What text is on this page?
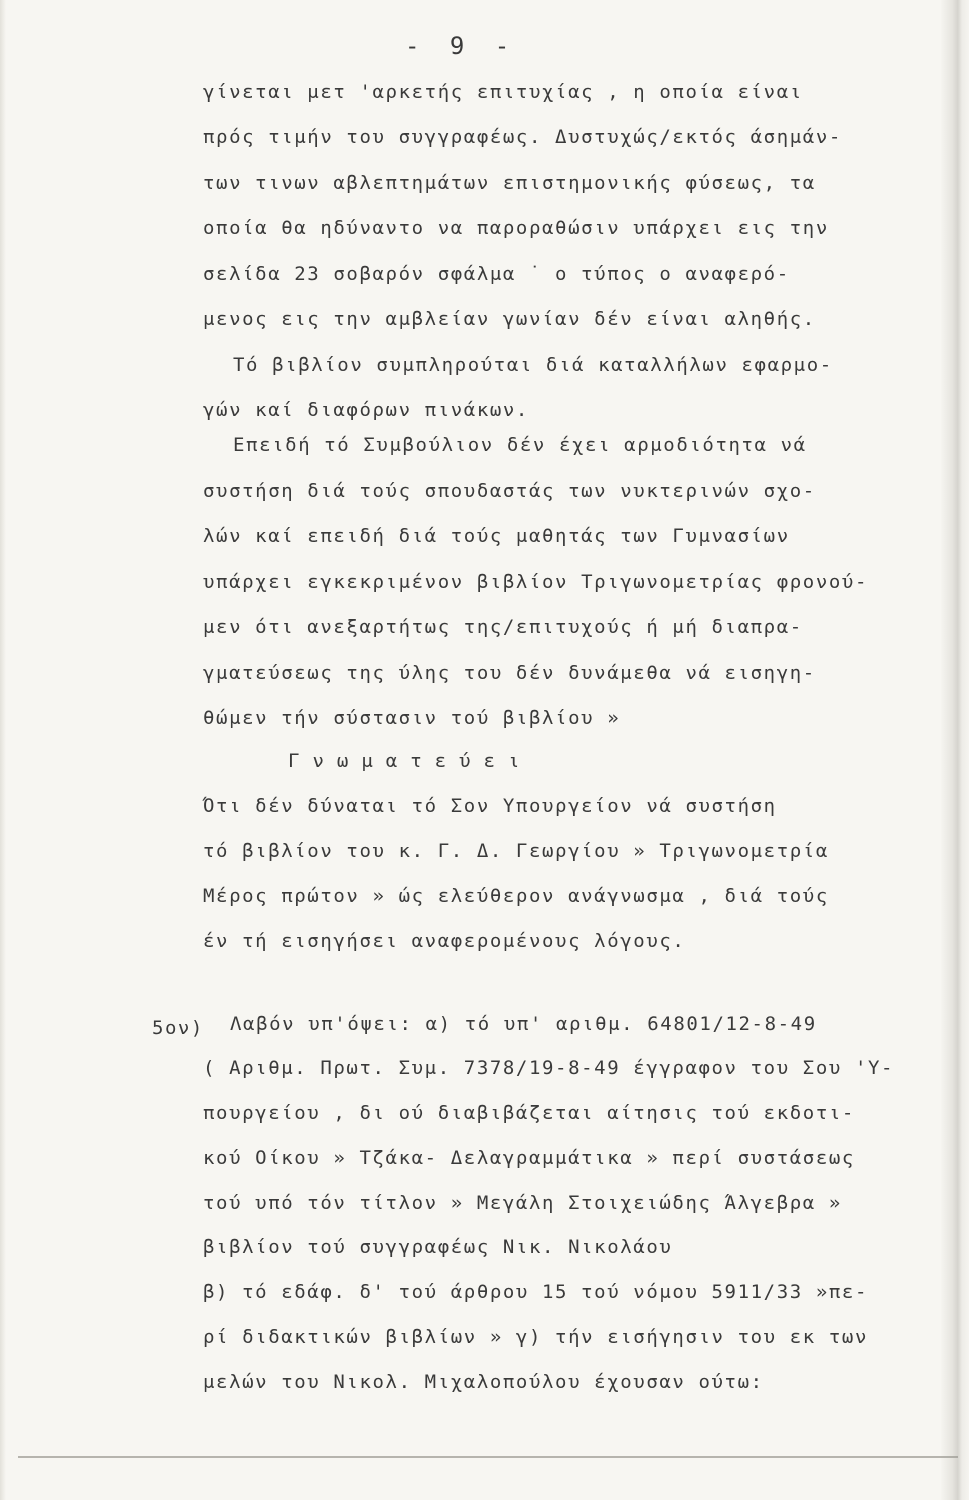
- 9 -
γίνεται μετ 'αρκετής επιτυχίας , η οποία είναι
πρός τιμήν του συγγραφέως. Δυστυχώς/εκτός άσημάν-
των τινων αβλεπτημάτων επιστημονικής φύσεως, τα
οποία θα ηδύναντο να παροραθώσιν υπάρχει εις την
σελίδα 23 σοβαρόν σφάλμα ˙ ο τύπος ο αναφερό-
μενος εις την αμβλείαν γωνίαν δέν είναι αληθής.
Τό βιβλίον συμπληρούται διά καταλλήλων εφαρμο-
γών καί διαφόρων πινάκων.
Επειδή τό Συμβούλιον δέν έχει αρμοδιότητα νά
συστήση διά τούς σπουδαστάς των νυκτερινών σχο-
λών καί επειδή διά τούς μαθητάς των Γυμνασίων
υπάρχει εγκεκριμένον βιβλίον Τριγωνομετρίας φρονού-
μεν ότι ανεξαρτήτως της/επιτυχούς ή μή διαπρα-
γματεύσεως της ύλης του δέν δυνάμεθα νά εισηγη-
θώμεν τήν σύστασιν τού βιβλίου »
Γνωματεύει
Ότι δέν δύναται τό Σον Υπουργείον νά συστήση
τό βιβλίον του κ. Γ. Δ. Γεωργίου » Τριγωνομετρία
Μέρος πρώτον » ώς ελεύθερον ανάγνωσμα , διά τούς
έν τή εισηγήσει αναφερομένους λόγους.
5ον) Λαβόν υπ'όψει: α) τό υπ' αριθμ. 64801/12-8-49
( Αριθμ. Πρωτ. Συμ. 7378/19-8-49 έγγραφον του Σου 'Υ-
πουργείου , δι ού διαβιβάζεται αίτησις τού εκδοτι-
κού Οίκου » Τζάκα- Δελαγραμμάτικα » περί συστάσεως
τού υπό τόν τίτλον » Μεγάλη Στοιχειώδης Άλγεβρα »
βιβλίον τού συγγραφέως Νικ. Νικολάου
β) τό εδάφ. δ' τού άρθρου 15 τού νόμου 5911/33 »πε-
ρί διδακτικών βιβλίων » γ) τήν εισήγησιν του εκ των
μελών του Νικολ. Μιχαλοπούλου έχουσαν ούτω:
